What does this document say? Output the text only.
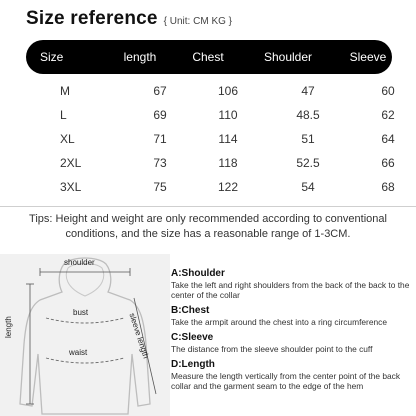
Size reference { Unit: CM KG }
Size	length	Chest	Shoulder	Sleeve
M	67	106	47	60
L	69	110	48.5	62
XL	71	114	51	64
2XL	73	118	52.5	66
3XL	75	122	54	68
Tips: Height and weight are only recommended according to conventional
conditions, and the size has a reasonable range of 1-3CM.
shoulder
bust
waist
length	sleeve length
A:Shoulder
Take the left and right shoulders from the back of the back to the center of the collar
B:Chest
Take the armpit around the chest into a ring circumference
C:Sleeve
The distance from the sleeve shoulder point to the cuff
D:Length
Measure the length vertically from the center point of the back collar and the garment seam to the edge of the hem
